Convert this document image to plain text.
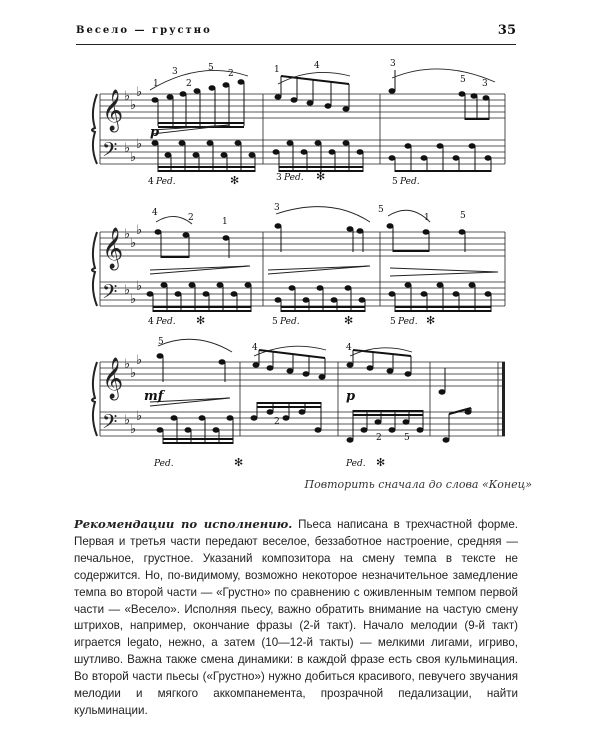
Весело — грустно	35
𝄞
𝄞
𝄞
𝄢
𝄢
𝄢
♭
♭
♭
♭
♭
♭
♭
♭
♭
♭
♭
♭
♭
♭
♭
♭
♭
♭
1
3
2
5
2	1	4	3
5 3
4	3	5
4	2	1
3	5
1	5
4	5	5
5
4	4
2
2 5
p
mf	p
Ped.	Ped.	Ped.
Ped.	Ped.	Ped.
Ped.	Ped.
✻	✻
✻	✻	✻
✻	✻
Повторить сначала до слова «Конец»
Рекомендации по исполнению. Пьеса написана в трехчастной форме. Первая и третья части передают веселое, беззаботное настроение, средняя — печальное, грустное. Указаний композитора на смену темпа в тексте не содержится. Но, по-видимому, возможно некоторое незначительное замедление темпа во второй части — «Грустно» по сравнению с оживленным темпом первой части — «Весело». Исполняя пьесу, важно обратить внимание на частую смену штрихов, например, окончание фразы (2-й такт). Начало мелодии (9-й такт) играется legato, нежно, а затем (10—12-й такты) — мелкими лигами, игриво, шутливо. Важна также смена динамики: в каждой фразе есть своя кульминация. Во второй части пьесы («Грустно») нужно добиться красивого, певучего звучания мелодии и мягкого аккомпанемента, прозрачной педализации, найти кульминации.
